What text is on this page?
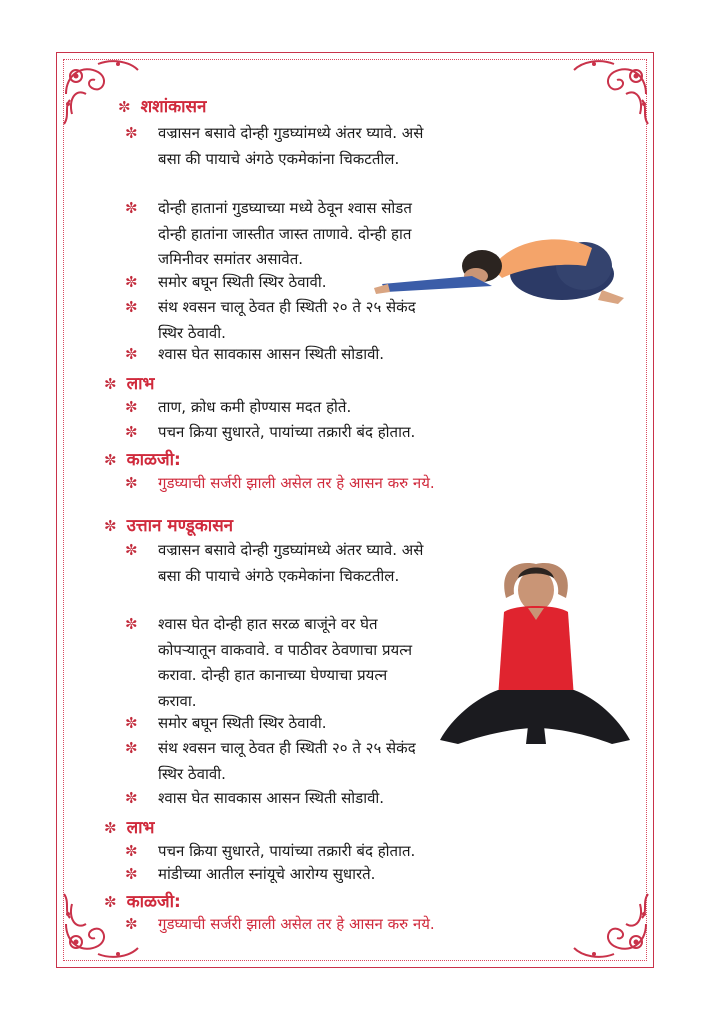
✼ शशांकासन
✼ वज्रासन बसावे दोन्ही गुडघ्यांमध्ये अंतर घ्यावे. असे बसा की पायाचे अंगठे एकमेकांना चिकटतील.
✼ दोन्ही हातानां गुडघ्याच्या मध्ये ठेवून श्वास सोडत दोन्ही हातांना जास्तीत जास्त ताणावे. दोन्ही हात जमिनीवर समांतर असावेत.
✼ समोर बघून स्थिती स्थिर ठेवावी.
✼ संथ श्वसन चालू ठेवत ही स्थिती २० ते २५ सेकंद स्थिर ठेवावी.
✼ श्वास घेत सावकास आसन स्थिती सोडावी.
✼ लाभ
✼ ताण, क्रोध कमी होण्यास मदत होते.
✼ पचन क्रिया सुधारते, पायांच्या तक्रारी बंद होतात.
✼ काळजी:
✼ गुडघ्याची सर्जरी झाली असेल तर हे आसन करु नये.
✼ उत्तान मण्डूकासन
✼ वज्रासन बसावे दोन्ही गुडघ्यांमध्ये अंतर घ्यावे. असे बसा की पायाचे अंगठे एकमेकांना चिकटतील.
✼ श्वास घेत दोन्ही हात सरळ बाजूंने वर घेत कोपऱ्यातून वाकवावे. व पाठीवर ठेवणाचा प्रयत्न करावा. दोन्ही हात कानाच्या घेण्याचा प्रयत्न करावा.
✼ समोर बघून स्थिती स्थिर ठेवावी.
✼ संथ श्वसन चालू ठेवत ही स्थिती २० ते २५ सेकंद स्थिर ठेवावी.
✼ श्वास घेत सावकास आसन स्थिती सोडावी.
✼ लाभ
✼ पचन क्रिया सुधारते, पायांच्या तक्रारी बंद होतात.
✼ मांडीच्या आतील स्नांयूचे आरोग्य सुधारते.
✼ काळजी:
✼ गुडघ्याची सर्जरी झाली असेल तर हे आसन करु नये.
